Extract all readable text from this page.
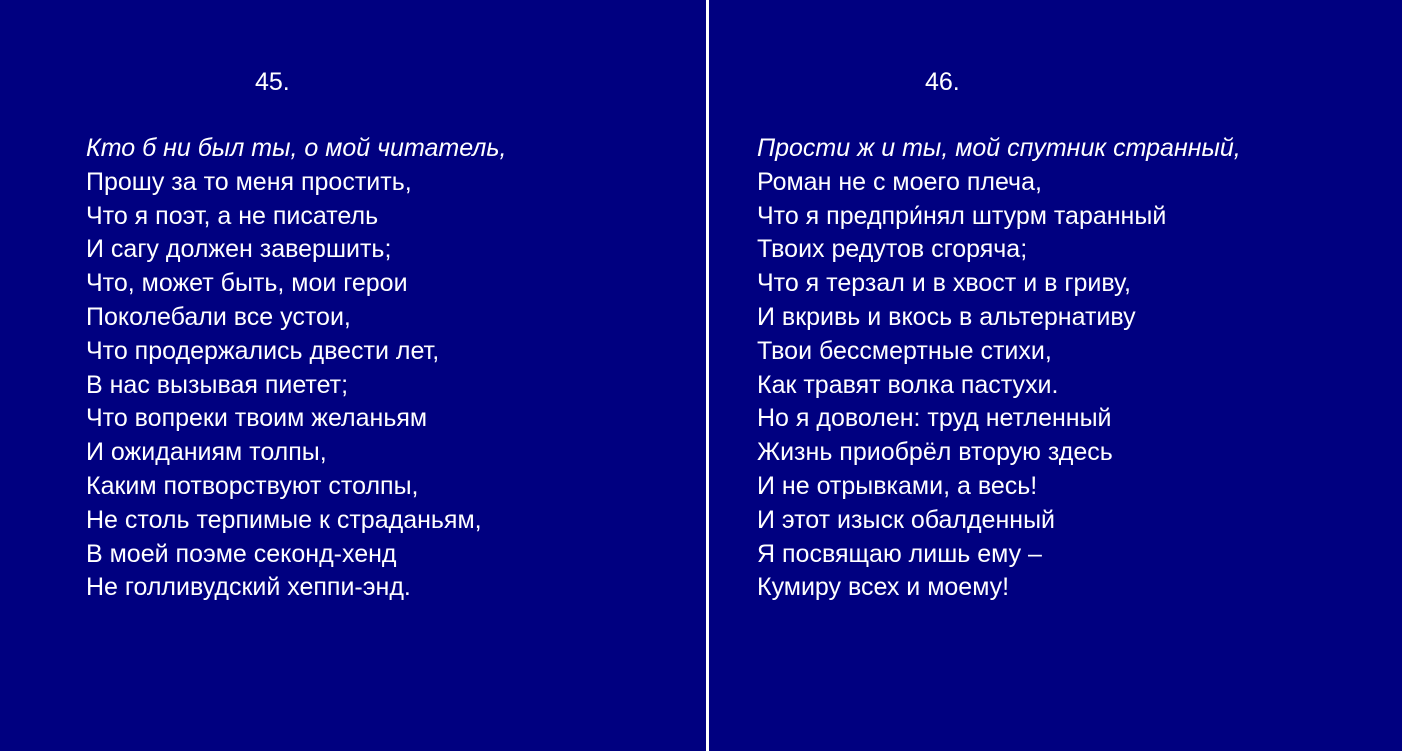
45.
Кто б ни был ты, о мой читатель,
Прошу за то меня простить,
Что я поэт, а не писатель
И сагу должен завершить;
Что, может быть, мои герои
Поколебали все устои,
Что продержались двести лет,
В нас вызывая пиетет;
Что вопреки твоим желаньям
И ожиданиям толпы,
Каким потворствуют столпы,
Не столь терпимые к страданьям,
В моей поэме секонд-хенд
Не голливудский хеппи-энд.
46.
Прости ж и ты, мой спутник странный,
Роман не с моего плеча,
Что я предпри́нял штурм таранный
Твоих редутов сгоряча;
Что я терзал и в хвост и в гриву,
И вкривь и вкось в альтернативу
Твои бессмертные стихи,
Как травят волка пастухи.
Но я доволен: труд нетленный
Жизнь приобрёл вторую здесь
И не отрывками, а весь!
И этот изыск обалденный
Я посвящаю лишь ему –
Кумиру всех и моему!
